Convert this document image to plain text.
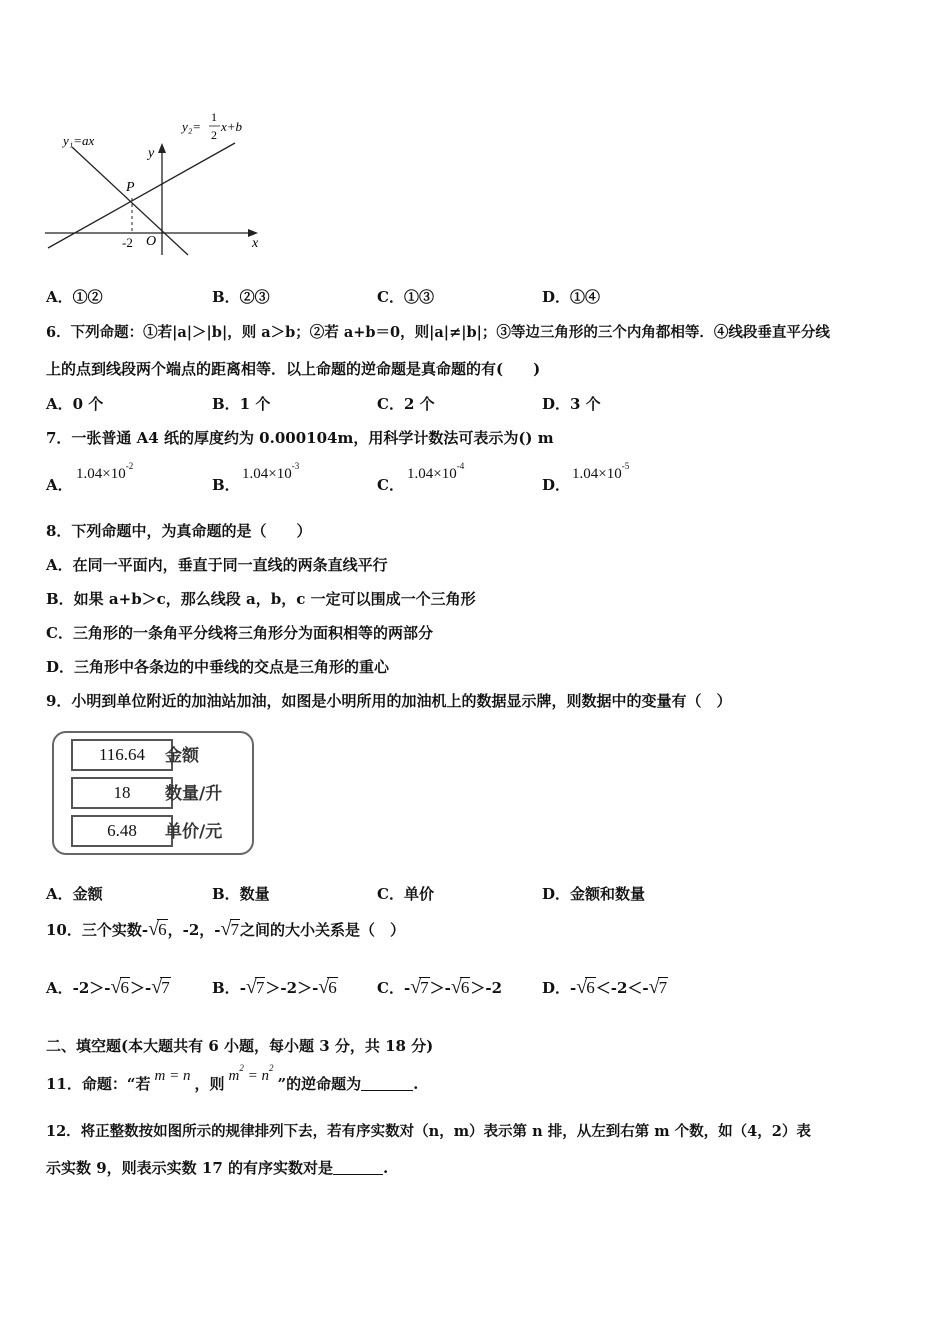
y₁=ax
y₂=
1
2
x+b
y
x
P
O
-2
A．①②	B．②③	C．①③	D．①④
6．下列命题：①若|a|＞|b|，则 a＞b；②若 a+b＝0，则|a|≠|b|；③等边三角形的三个内角都相等．④线段垂直平分线
上的点到线段两个端点的距离相等．以上命题的逆命题是真命题的有(　　)
A．0 个	B．1 个	C．2 个	D．3 个
7．一张普通 A4 纸的厚度约为 0.000104m，用科学计数法可表示为() m
A．
$1.04\times 10^{-2}$
B．
$1.04\times 10^{-3}$
C．
$1.04\times 10^{-4}$
D．
$1.04\times 10^{-5}$
8．下列命题中，为真命题的是（　　）
A．在同一平面内，垂直于同一直线的两条直线平行
B．如果 a+b＞c，那么线段 a，b，c 一定可以围成一个三角形
C．三角形的一条角平分线将三角形分为面积相等的两部分
D．三角形中各条边的中垂线的交点是三角形的重心
9．小明到单位附近的加油站加油，如图是小明所用的加油机上的数据显示牌，则数据中的变量有（　）
116.64	金额
18	数量/升
6.48	单价/元
A．金额	B．数量	C．单价	D．金额和数量
10．三个实数-√6，-2，-√7之间的大小关系是（　）
A．-2＞-√6＞-√7	B．-√7＞-2＞-√6	C．-√7＞-√6＞-2	D．-√6＜-2＜-√7
二、填空题(本大题共有 6 小题，每小题 3 分，共 18 分)
11．命题：“若 m = n ，则 $m^2 = n^2$”的逆命题为	.
12．将正整数按如图所示的规律排列下去，若有序实数对（n，m）表示第 n 排，从左到右第 m 个数，如（4，2）表
示实数 9，则表示实数 17 的有序实数对是	.
